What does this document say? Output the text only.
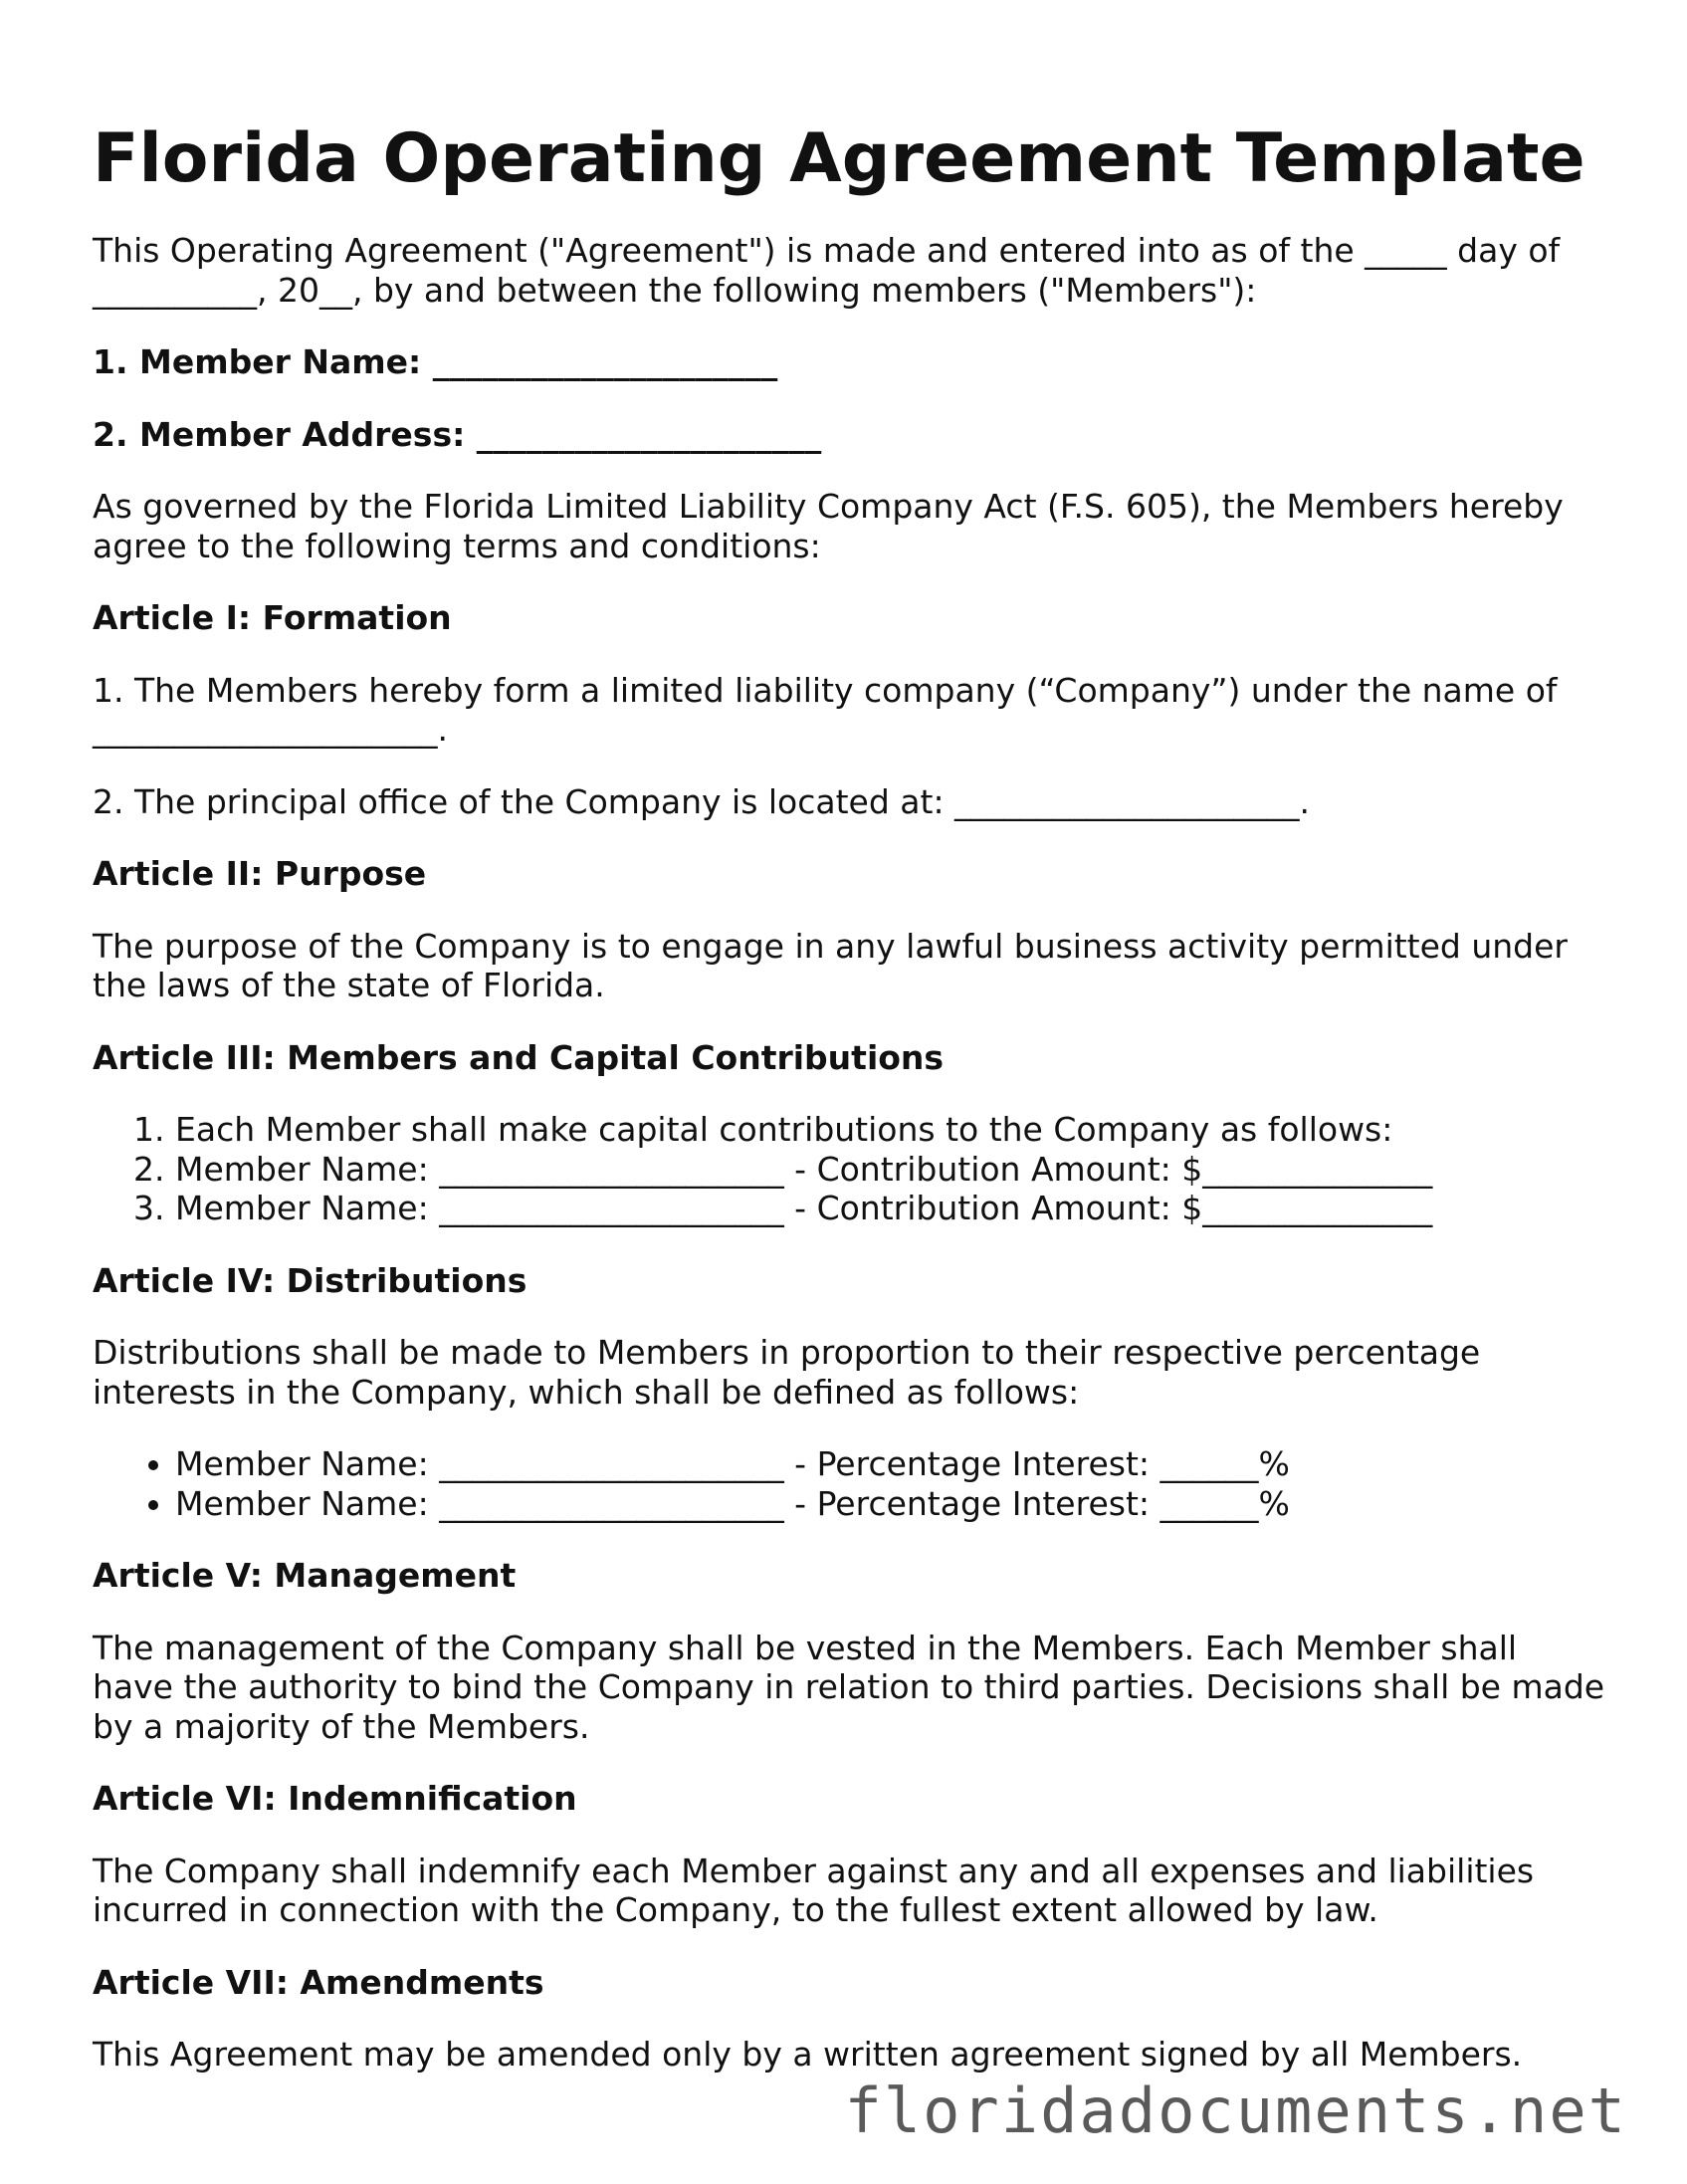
Florida Operating Agreement Template

This Operating Agreement ("Agreement") is made and entered into as of the _____ day of __________, 20__, by and between the following members ("Members"):

1. Member Name: _____________________

2. Member Address: _____________________

As governed by the Florida Limited Liability Company Act (F.S. 605), the Members hereby agree to the following terms and conditions:

Article I: Formation

1. The Members hereby form a limited liability company (“Company”) under the name of _____________________.

2. The principal office of the Company is located at: _____________________.

Article II: Purpose

The purpose of the Company is to engage in any lawful business activity permitted under the laws of the state of Florida.

Article III: Members and Capital Contributions

1. Each Member shall make capital contributions to the Company as follows:
2. Member Name: _____________________ - Contribution Amount: $______________
3. Member Name: _____________________ - Contribution Amount: $______________

Article IV: Distributions

Distributions shall be made to Members in proportion to their respective percentage interests in the Company, which shall be defined as follows:

• Member Name: _____________________ - Percentage Interest: ______%
• Member Name: _____________________ - Percentage Interest: ______%

Article V: Management

The management of the Company shall be vested in the Members. Each Member shall have the authority to bind the Company in relation to third parties. Decisions shall be made by a majority of the Members.

Article VI: Indemnification

The Company shall indemnify each Member against any and all expenses and liabilities incurred in connection with the Company, to the fullest extent allowed by law.

Article VII: Amendments

This Agreement may be amended only by a written agreement signed by all Members.

floridadocuments.net
